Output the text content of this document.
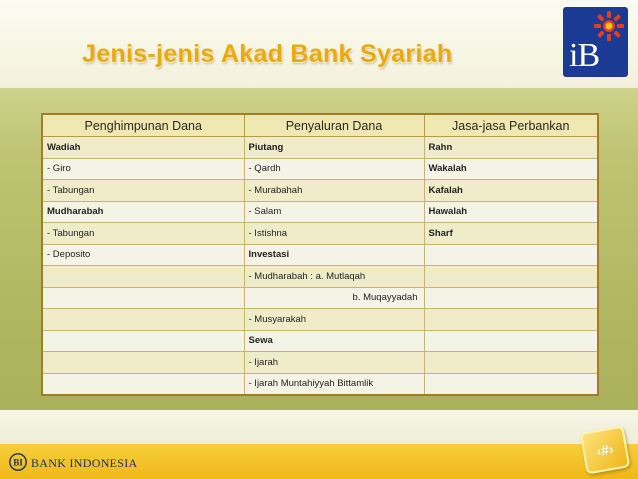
Jenis-jenis Akad Bank Syariah	iB
Penghimpunan Dana	Penyaluran Dana	Jasa-jasa Perbankan
Wadiah	Piutang	Rahn
- Giro	- Qardh	Wakalah
- Tabungan	- Murabahah	Kafalah
Mudharabah	- Salam	Hawalah
- Tabungan	- Istishna	Sharf
- Deposito	Investasi	
	- Mudharabah : a. Mutlaqah	

	b. Muqayyadah	

	- Musyarakah	
	Sewa	
	- Ijarah	
	- Ijarah Muntahiyyah Bittamlik	
BI BANK INDONESIA
‹#›
